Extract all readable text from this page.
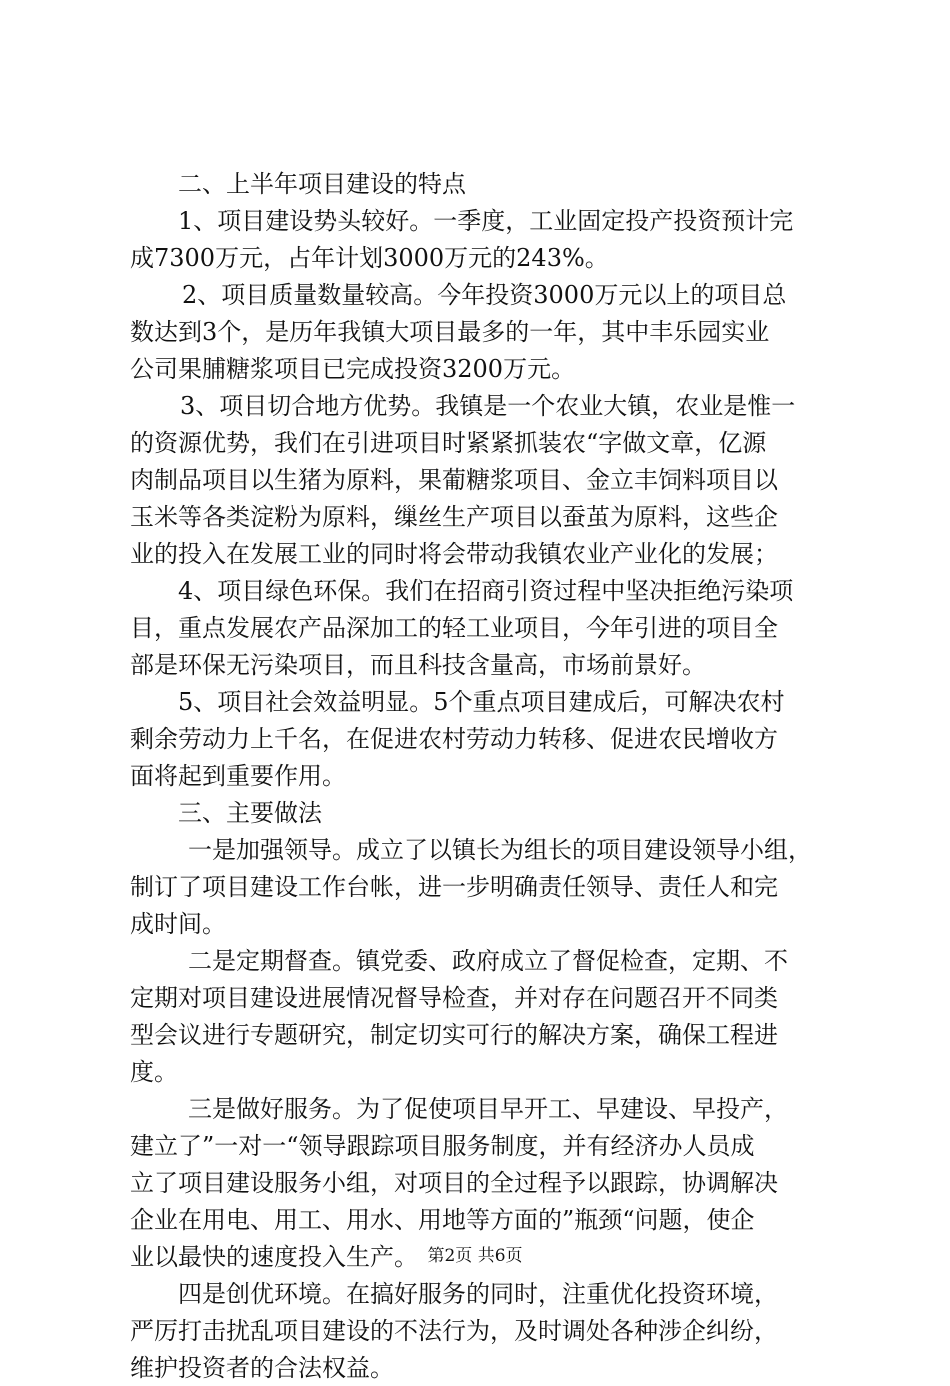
二、上半年项目建设的特点
1、项目建设势头较好。一季度，工业固定投产投资预计完
成7300万元，占年计划3000万元的243%。
2、项目质量数量较高。今年投资3000万元以上的项目总
数达到3个，是历年我镇大项目最多的一年，其中丰乐园实业
公司果脯糖浆项目已完成投资3200万元。
3、项目切合地方优势。我镇是一个农业大镇，农业是惟一
的资源优势，我们在引进项目时紧紧抓装农“字做文章，亿源
肉制品项目以生猪为原料，果葡糖浆项目、金立丰饲料项目以
玉米等各类淀粉为原料，缫丝生产项目以蚕茧为原料，这些企
业的投入在发展工业的同时将会带动我镇农业产业化的发展；
4、项目绿色环保。我们在招商引资过程中坚决拒绝污染项
目，重点发展农产品深加工的轻工业项目，今年引进的项目全
部是环保无污染项目，而且科技含量高，市场前景好。
5、项目社会效益明显。5个重点项目建成后，可解决农村
剩余劳动力上千名，在促进农村劳动力转移、促进农民增收方
面将起到重要作用。
三、主要做法
一是加强领导。成立了以镇长为组长的项目建设领导小组，
制订了项目建设工作台帐，进一步明确责任领导、责任人和完
成时间。
二是定期督查。镇党委、政府成立了督促检查，定期、不
定期对项目建设进展情况督导检查，并对存在问题召开不同类
型会议进行专题研究，制定切实可行的解决方案，确保工程进
度。
三是做好服务。为了促使项目早开工、早建设、早投产，
建立了”一对一“领导跟踪项目服务制度，并有经济办人员成
立了项目建设服务小组，对项目的全过程予以跟踪，协调解决
企业在用电、用工、用水、用地等方面的”瓶颈“问题，使企
业以最快的速度投入生产。
四是创优环境。在搞好服务的同时，注重优化投资环境，
严厉打击扰乱项目建设的不法行为，及时调处各种涉企纠纷，
维护投资者的合法权益。
第2页 共6页
